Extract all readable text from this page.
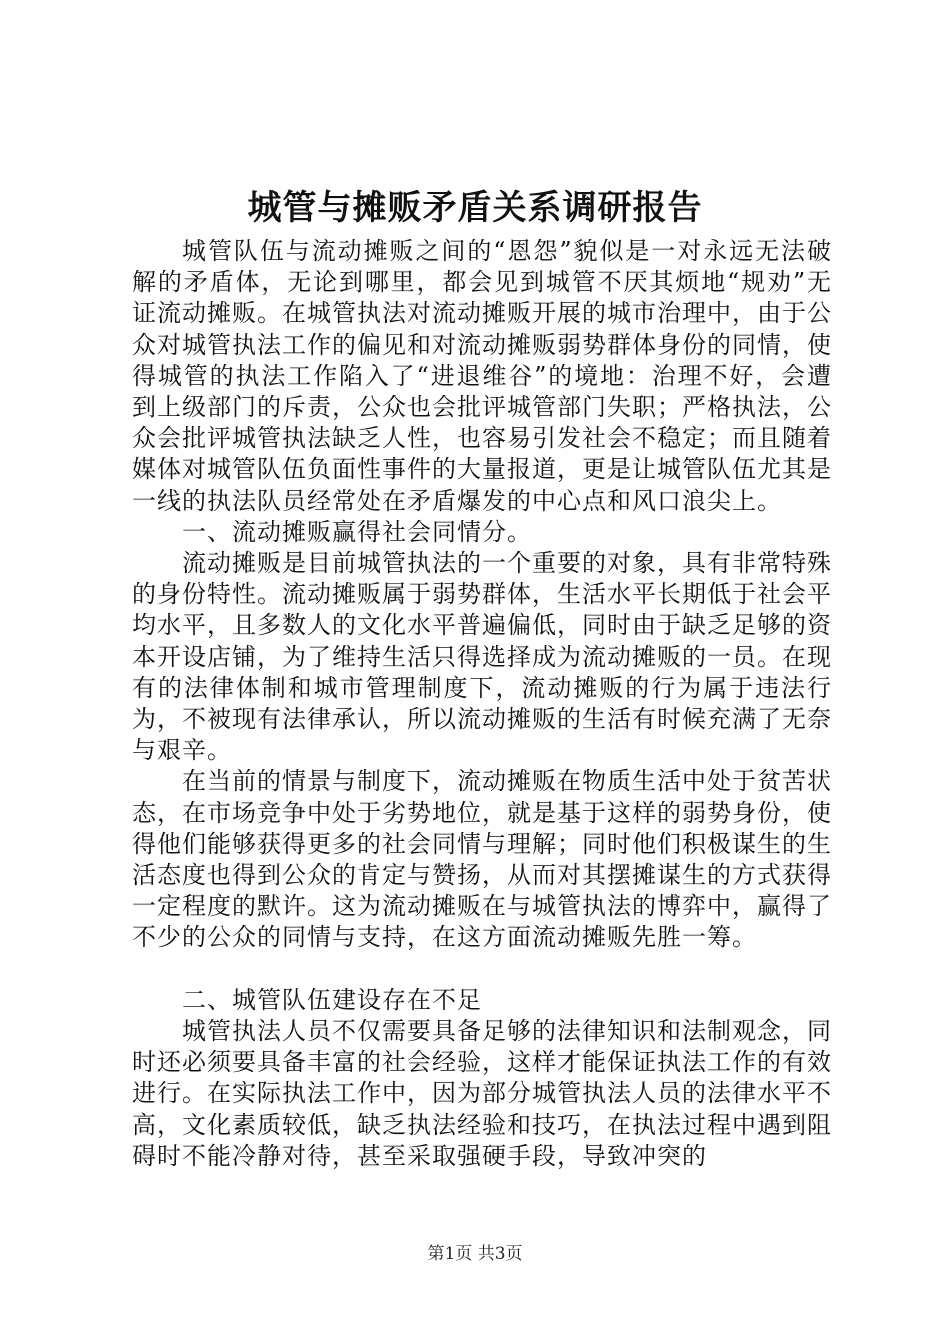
城管与摊贩矛盾关系调研报告

城管队伍与流动摊贩之间的“恩怨”貌似是一对永远无法破解的矛盾体，无论到哪里，都会见到城管不厌其烦地“规劝”无证流动摊贩。在城管执法对流动摊贩开展的城市治理中，由于公众对城管执法工作的偏见和对流动摊贩弱势群体身份的同情，使得城管的执法工作陷入了“进退维谷”的境地：治理不好，会遭到上级部门的斥责，公众也会批评城管部门失职；严格执法，公众会批评城管执法缺乏人性，也容易引发社会不稳定；而且随着媒体对城管队伍负面性事件的大量报道，更是让城管队伍尤其是一线的执法队员经常处在矛盾爆发的中心点和风口浪尖上。

一、流动摊贩赢得社会同情分。

流动摊贩是目前城管执法的一个重要的对象，具有非常特殊的身份特性。流动摊贩属于弱势群体，生活水平长期低于社会平均水平，且多数人的文化水平普遍偏低，同时由于缺乏足够的资本开设店铺，为了维持生活只得选择成为流动摊贩的一员。在现有的法律体制和城市管理制度下，流动摊贩的行为属于违法行为，不被现有法律承认，所以流动摊贩的生活有时候充满了无奈与艰辛。

在当前的情景与制度下，流动摊贩在物质生活中处于贫苦状态，在市场竞争中处于劣势地位，就是基于这样的弱势身份，使得他们能够获得更多的社会同情与理解；同时他们积极谋生的生活态度也得到公众的肯定与赞扬，从而对其摆摊谋生的方式获得一定程度的默许。这为流动摊贩在与城管执法的博弈中，赢得了不少的公众的同情与支持，在这方面流动摊贩先胜一筹。

二、城管队伍建设存在不足

城管执法人员不仅需要具备足够的法律知识和法制观念，同时还必须要具备丰富的社会经验，这样才能保证执法工作的有效进行。在实际执法工作中，因为部分城管执法人员的法律水平不高，文化素质较低，缺乏执法经验和技巧，在执法过程中遇到阻碍时不能冷静对待，甚至采取强硬手段，导致冲突的

第1页 共3页
